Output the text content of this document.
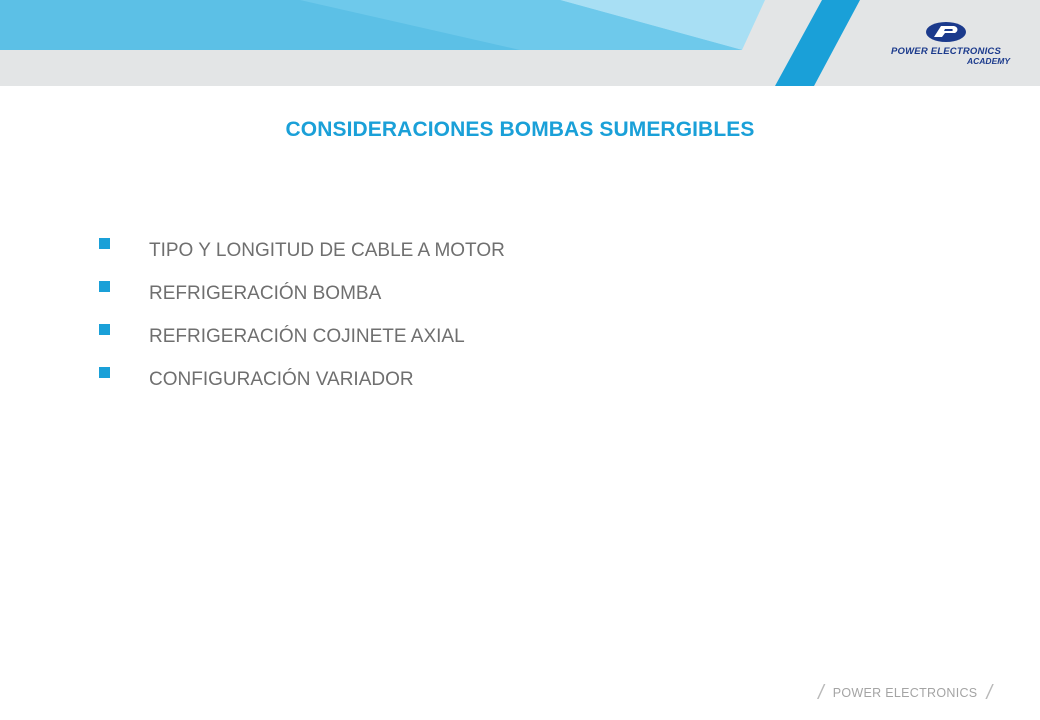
POWER ELECTRONICS
ACADEMY
CONSIDERACIONES BOMBAS SUMERGIBLES
TIPO Y LONGITUD DE CABLE A MOTOR
REFRIGERACIÓN BOMBA
REFRIGERACIÓN COJINETE AXIAL
CONFIGURACIÓN VARIADOR
/ POWER ELECTRONICS /
